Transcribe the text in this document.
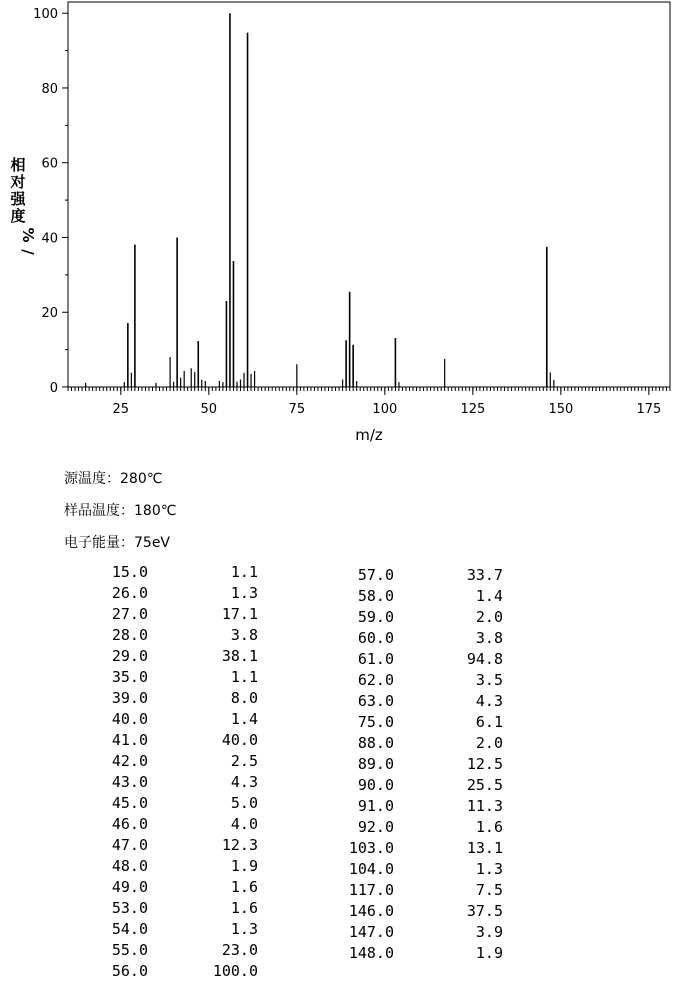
0
20
40
60
80
100
25	50	75	100	125	150	175
m/z
相
对
强
度
%
/
源温度：280℃
样品温度：180℃
电子能量：75eV
15.0	1.1
26.0	1.3
27.0	17.1
28.0	3.8
29.0	38.1
35.0	1.1
39.0	8.0
40.0	1.4
41.0	40.0
42.0	2.5
43.0	4.3
45.0	5.0
46.0	4.0
47.0	12.3
48.0	1.9
49.0	1.6
53.0	1.6
54.0	1.3
55.0	23.0
56.0	100.0
57.0	33.7
58.0	1.4
59.0	2.0
60.0	3.8
61.0	94.8
62.0	3.5
63.0	4.3
75.0	6.1
88.0	2.0
89.0	12.5
90.0	25.5
91.0	11.3
92.0	1.6
103.0	13.1
104.0	1.3
117.0	7.5
146.0	37.5
147.0	3.9
148.0	1.9
